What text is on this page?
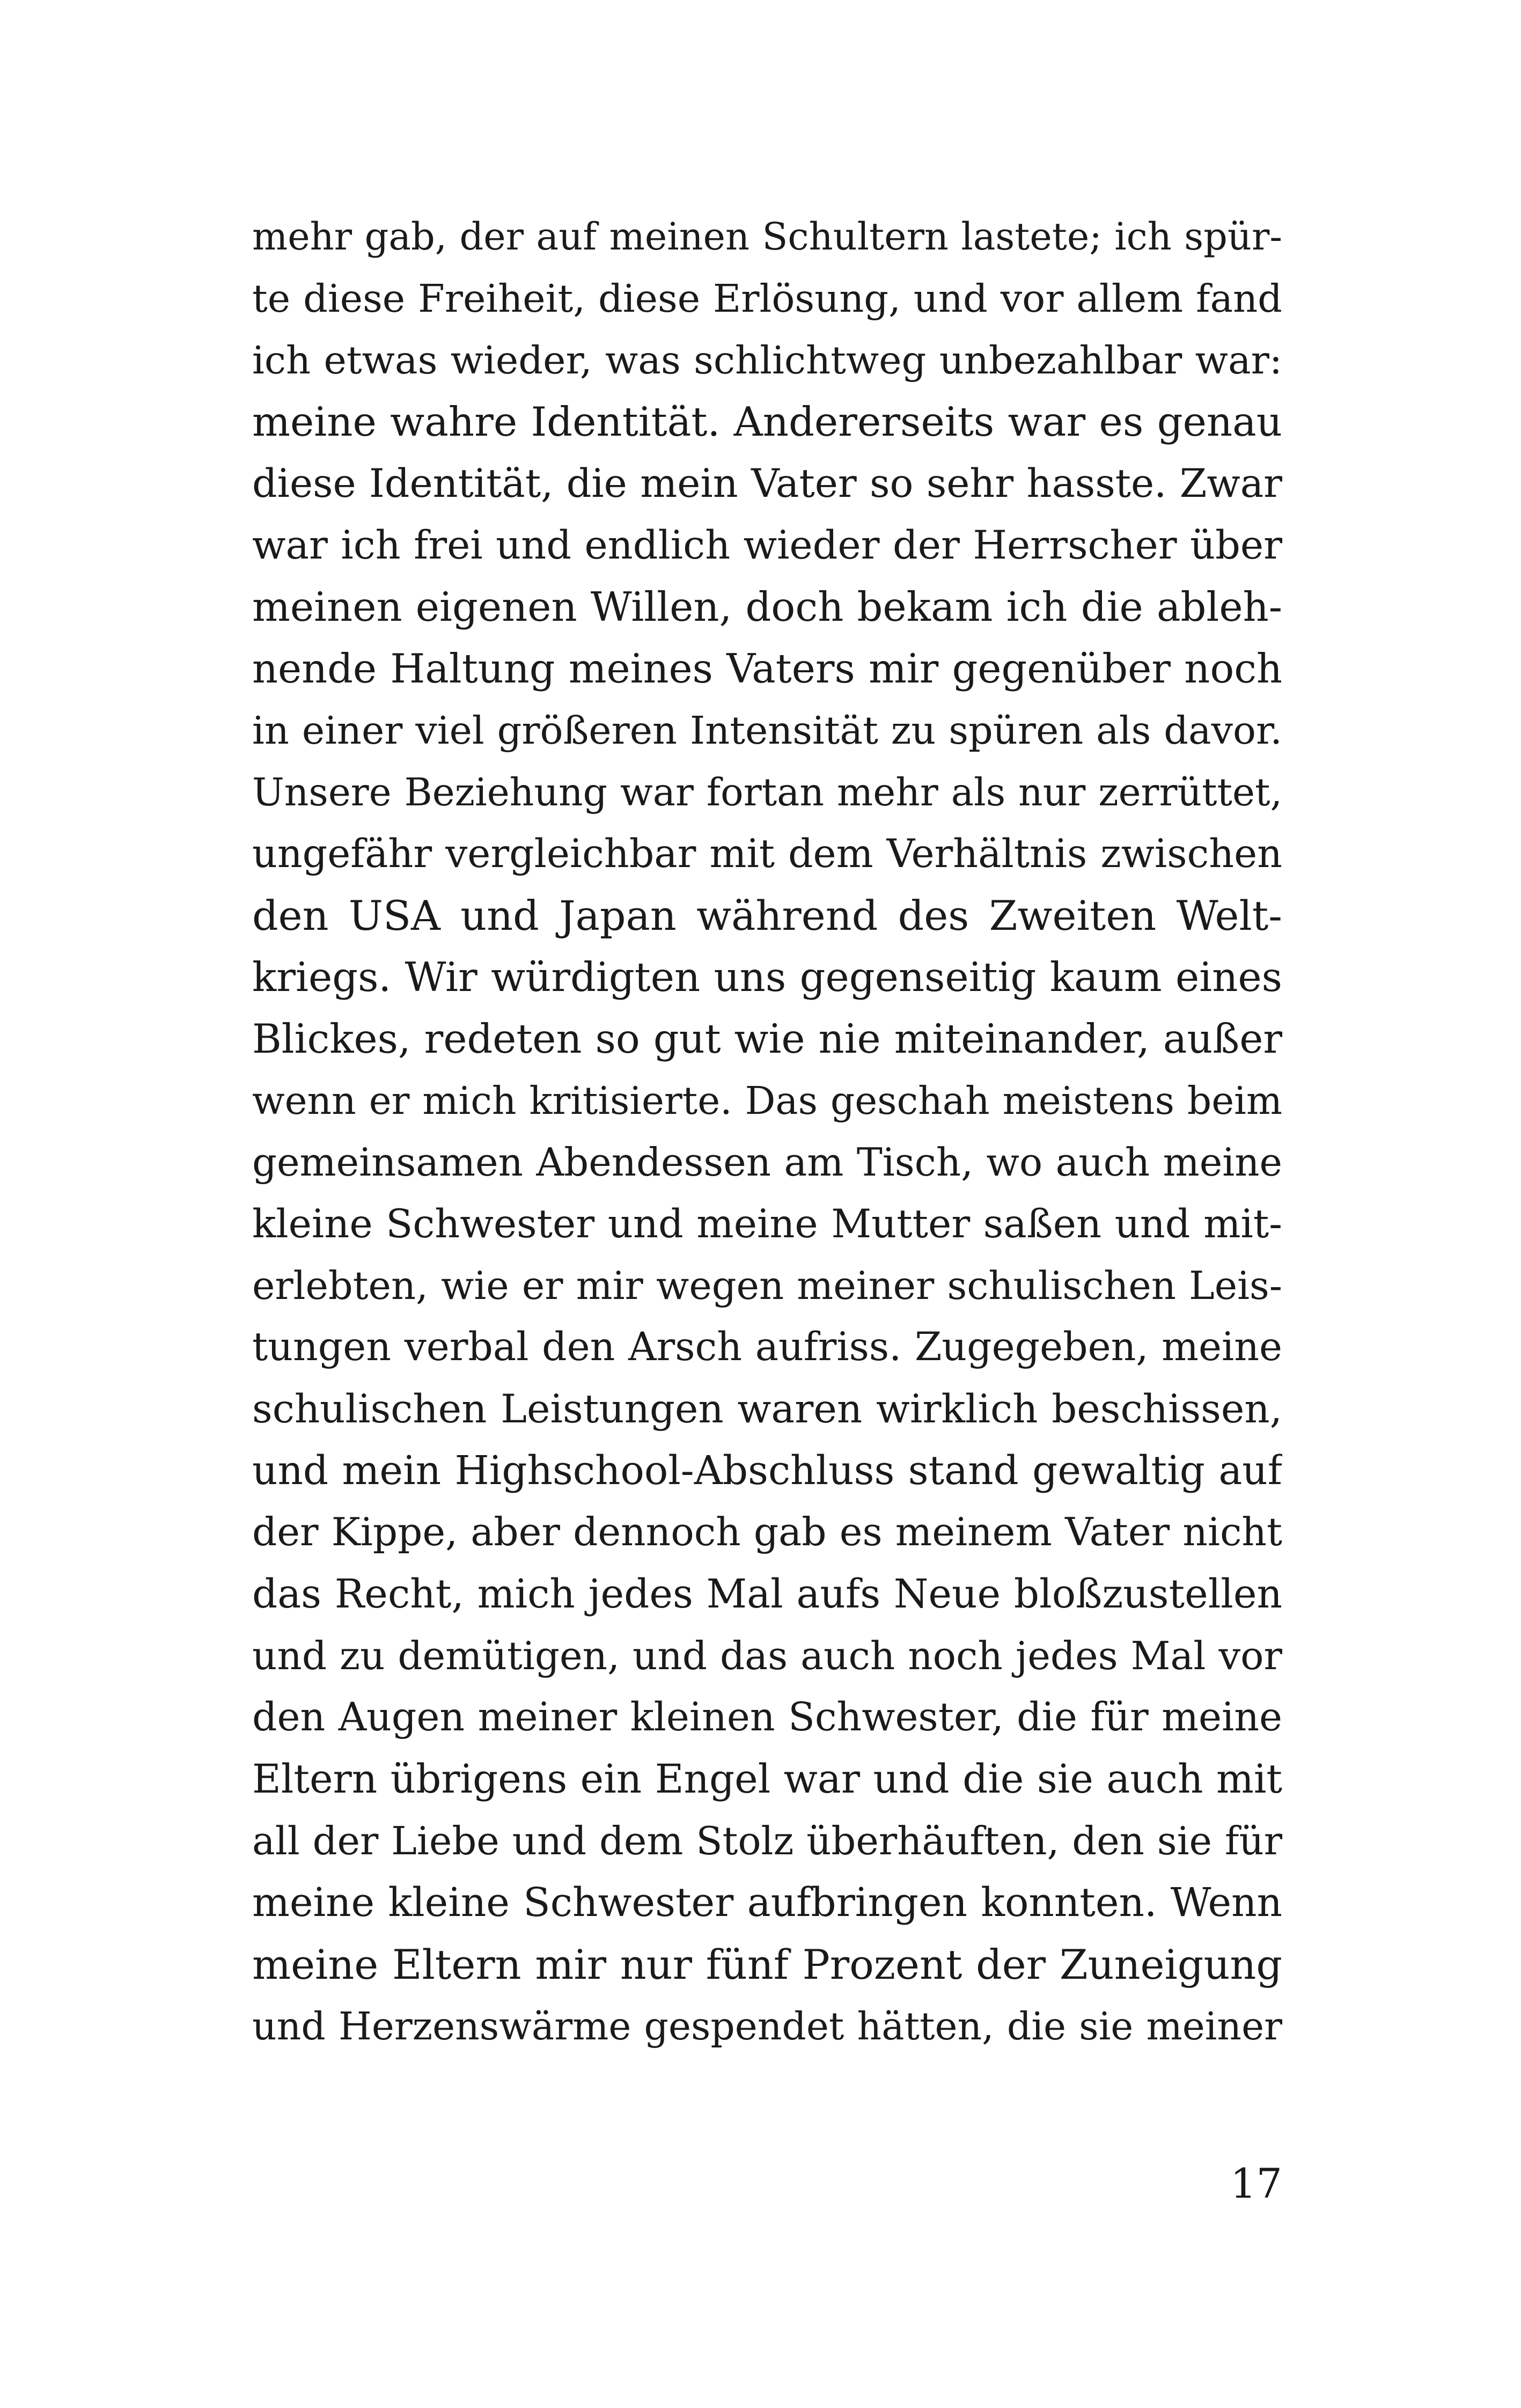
mehr gab, der auf meinen Schultern lastete; ich spür-
te diese Freiheit, diese Erlösung, und vor allem fand
ich etwas wieder, was schlichtweg unbezahlbar war:
meine wahre Identität. Andererseits war es genau
diese Identität, die mein Vater so sehr hasste. Zwar
war ich frei und endlich wieder der Herrscher über
meinen eigenen Willen, doch bekam ich die ableh-
nende Haltung meines Vaters mir gegenüber noch
in einer viel größeren Intensität zu spüren als davor.
Unsere Beziehung war fortan mehr als nur zerrüttet,
ungefähr vergleichbar mit dem Verhältnis zwischen
den USA und Japan während des Zweiten Welt-
kriegs. Wir würdigten uns gegenseitig kaum eines
Blickes, redeten so gut wie nie miteinander, außer
wenn er mich kritisierte. Das geschah meistens beim
gemeinsamen Abendessen am Tisch, wo auch meine
kleine Schwester und meine Mutter saßen und mit-
erlebten, wie er mir wegen meiner schulischen Leis-
tungen verbal den Arsch aufriss. Zugegeben, meine
schulischen Leistungen waren wirklich beschissen,
und mein Highschool-Abschluss stand gewaltig auf
der Kippe, aber dennoch gab es meinem Vater nicht
das Recht, mich jedes Mal aufs Neue bloßzustellen
und zu demütigen, und das auch noch jedes Mal vor
den Augen meiner kleinen Schwester, die für meine
Eltern übrigens ein Engel war und die sie auch mit
all der Liebe und dem Stolz überhäuften, den sie für
meine kleine Schwester aufbringen konnten. Wenn
meine Eltern mir nur fünf Prozent der Zuneigung
und Herzenswärme gespendet hätten, die sie meiner
17
